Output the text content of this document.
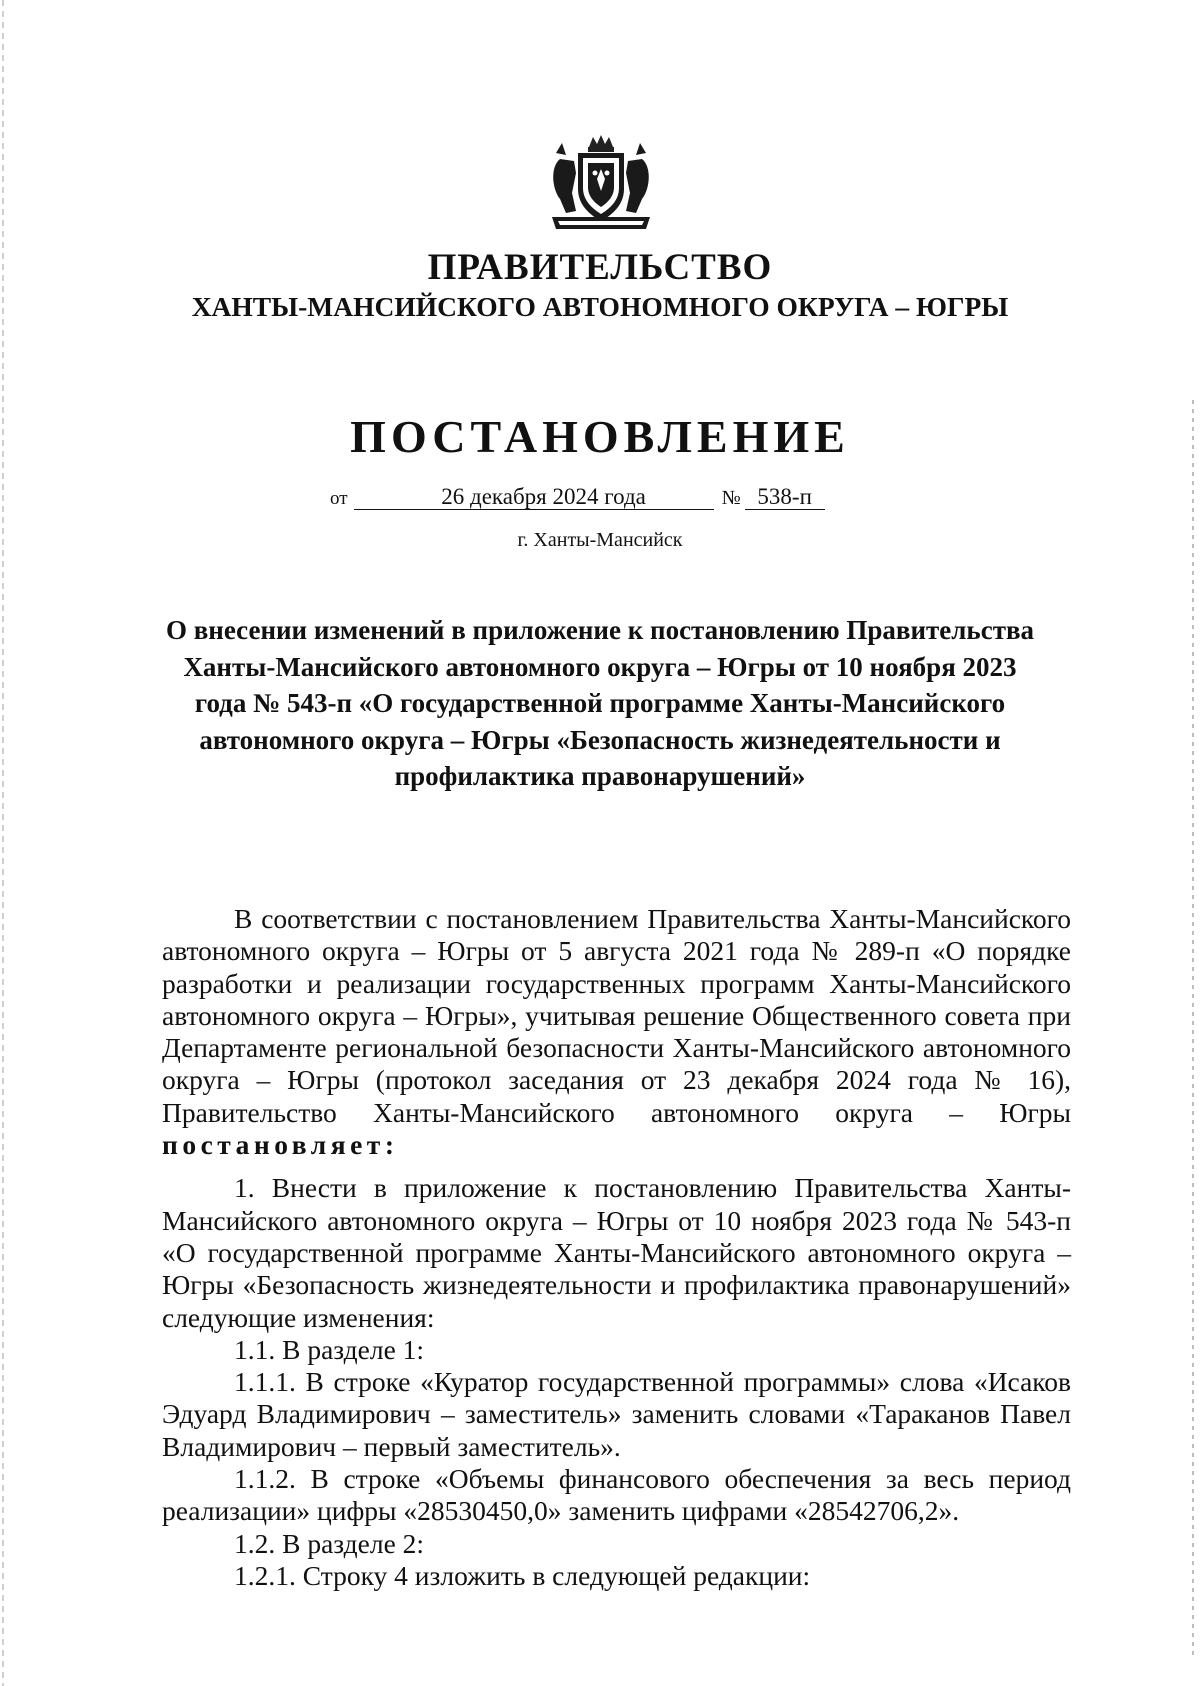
ПРАВИТЕЛЬСТВО
ХАНТЫ-МАНСИЙСКОГО АВТОНОМНОГО ОКРУГА – ЮГРЫ
ПОСТАНОВЛЕНИЕ
от	26 декабря 2024 года	№ 538-п
г. Ханты-Мансийск
О внесении изменений в приложение к постановлению Правительства Ханты-Мансийского автономного округа – Югры от 10 ноября 2023 года № 543-п «О государственной программе Ханты-Мансийского автономного округа – Югры «Безопасность жизнедеятельности и профилактика правонарушений»

В соответствии с постановлением Правительства Ханты-Мансийского автономного округа – Югры от 5 августа 2021 года № 289-п «О порядке разработки и реализации государственных программ Ханты-Мансийского автономного округа – Югры», учитывая решение Общественного совета при Департаменте региональной безопасности Ханты-Мансийского автономного округа – Югры (протокол заседания от 23 декабря 2024 года № 16), Правительство Ханты-Мансийского автономного округа – Югры постановляет:

1. Внести в приложение к постановлению Правительства Ханты-Мансийского автономного округа – Югры от 10 ноября 2023 года № 543-п «О государственной программе Ханты-Мансийского автономного округа – Югры «Безопасность жизнедеятельности и профилактика правонарушений» следующие изменения:

1.1. В разделе 1:

1.1.1. В строке «Куратор государственной программы» слова «Исаков Эдуард Владимирович – заместитель» заменить словами «Тараканов Павел Владимирович – первый заместитель».

1.1.2. В строке «Объемы финансового обеспечения за весь период реализации» цифры «28530450,0» заменить цифрами «28542706,2».

1.2. В разделе 2:

1.2.1. Строку 4 изложить в следующей редакции:
